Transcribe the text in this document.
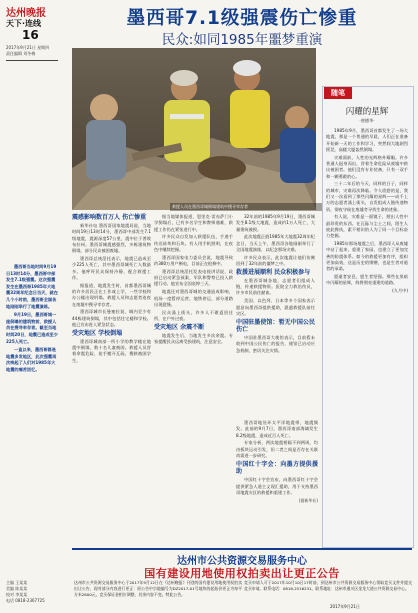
达州晚报
天下·连线
16
2017年9月21日 星期四
责任编辑 刘冬梅

墨西哥当地时间9月19日13时14分，墨西哥中部发生7.1级强震。这次强震发生在墨西哥1985年大地震32周年纪念日当天，就在几个小时前，墨西哥全国各地刚刚举行了地震演练。

9月19日，墨西哥城一座倒塌的建筑物前，救援人员在搜寻幸存者。截至当地时间20日，地震已造成至少225人死亡。

一直以来，墨西哥都是地震多发地区，此次强震再次唤起了人们对1985年大地震的痛苦回忆。

主编 王某某
美编 陈某某
校对 李某某
电话 0818-2367725
墨西哥7.1级强震伤亡惨重
民众:如同1985年噩梦重演
救援人员在墨西哥城倒塌建筑中搜寻幸存者

震感影响数百万人 伤亡惨重

新华社电 墨西哥国家地震局说，当地时间19日13时14分，墨西哥中部发生7.1级地震，震源深度57公里，震中位于普埃布拉州。墨西哥城震感强烈，多栋建筑物倒塌，部分民众被困废墟。

墨西哥总统涅托表示，地震已造成至少225人死亡，其中墨西哥城死亡人数最多。他呼吁民众保持冷静，配合救援工作。

据报道，地震发生时，首都墨西哥城的许多居民正在工作或上学，一些学校和办公楼出现坍塌。救援人员和志愿者连夜在废墟中搜寻幸存者。

墨西哥城市长曼塞拉说，城内至少有44栋建筑倒塌，其中包括住宅楼和学校。他已宣布进入紧急状态。

受灾地区 学校倒塌

墨西哥城南部一所小学的教学楼在地震中倒塌，数十名儿童被困。救援人员冒着余震危险，徒手搬开瓦砾，搜救被困学生。

据当地媒体报道，恩里克·雷布萨门小学倒塌后，已有多名学生和教师遇难，救援工作仍在紧张进行中。

许多民众自发加入救援队伍，手递手传送砖块和石块。有人用手机照明，在夜色中继续挖掘。

墨西哥国家电力委员会说，地震导致约380万用户断电，目前正在抢修中。

墨西哥总统涅托发表电视讲话说，政府已启动紧急预案，军队和警察已投入救援行动。他宣布全国哀悼三天。

地震还对墨西哥城的交通造成影响，机场一度暂停运营，地铁停运，部分道路出现裂缝。

民众涌上街头，许多人不敢返回住所，在户外过夜。

受灾地区 余震不断

地震发生后，当地发生多次余震。专家提醒民众远离受损建筑，注意安全。

32年前的1985年9月19日，墨西哥城发生8.1级大地震，造成约1万人死亡，大量建筑被毁。

此次地震正值1985年大地震32周年纪念日，当天上午，墨西哥各地刚刚举行了全国地震演练，以纪念那场灾难。

许多民众表示，此次地震让他们仿佛回到了32年前的噩梦之中。

救援进展顺利 民众积极参与

在墨西哥城各地，志愿者们组成人链，传递救援物资。医院全力救治伤员，许多市民前往献血。

美国、以色列、日本等多个国家表示愿意向墨西哥提供援助，派遣救援队前往灾区。

中国驻墨使馆：暂无中国公民伤亡

中国驻墨西哥大使馆表示，目前暂未收到中国公民伤亡的报告，使馆已启动应急机制，密切关注灾情。

墨西哥地处环太平洋地震带，地震频发。此前的9月7日，墨西哥南部海域发生8.2级地震，造成近百人死亡。

专家分析，两次地震相隔不到两周，均由板块运动引发，但二者之间是否存在关联尚需进一步研究。

中国红十字会：向墨方提供援助

中国红十字会宣布，向墨西哥红十字会提供紧急人道主义现汇援助，用于支持墨西哥地震灾区的救援和重建工作。

(据新华社)
随笔
闪耀的星辉
·唐德华·

1985年9月，墨西哥首都发生了一场大地震。那是一个普通的早晨，人们正在准备开始新一天的工作和学习，突然间大地剧烈摇晃，高楼大厦轰然倒塌。

灾难面前，人性的光辉格外耀眼。许多普通人挺身而出，冒着生命危险从废墟中救出被困者。他们没有专业装备，只有一双手和一颗勇敢的心。

三十二年后的今天，同样的日子，同样的城市，灾难再次降临。令人欣慰的是，我们又一次看到了那些闪耀的星辉——成千上万的志愿者涌上街头，自发组成人链传递物资，彻夜守候在废墟旁寻找生命的迹象。

有人说，灾难是一面镜子，照出人性中最珍贵的东西。在瓦砾与尘土之间，陌生人彼此搀扶，素不相识的人为了同一个目标奋力挖掘。

1985年那场地震之后，墨西哥人从废墟中站了起来，重建了家园，也建立了更加完善的防震体系。如今的救援更加有序，组织更加高效，这是历史的馈赠，也是生者对逝者的承诺。

愿逝者安息，愿生者坚强。那些在黑暗中闪耀的星辉，终将照亮重建的道路。

(九月中)
达州市公共资源交易服务中心
国有建设用地使用权拍卖出让更正公告
达州市公共资源交易服务中心于2017年9月12日在《达州晚报》刊登的国有建设用地使用权拍卖出让公告，现对部分内容进行更正：原公告中宗地编号为DZ2017-01号地块的起始价更正为每平方米2800元，竞买保证金相应调整，其余内容不变。特此公告。
竞买申请人可于2017年10月10日17时前，到达州市公共资源交易服务中心领取竞买文件并提交竞买申请。联系电话：0818-2516231。联系地址：达州市通川区金龙大道公共资源交易中心。
2017年9月21日
